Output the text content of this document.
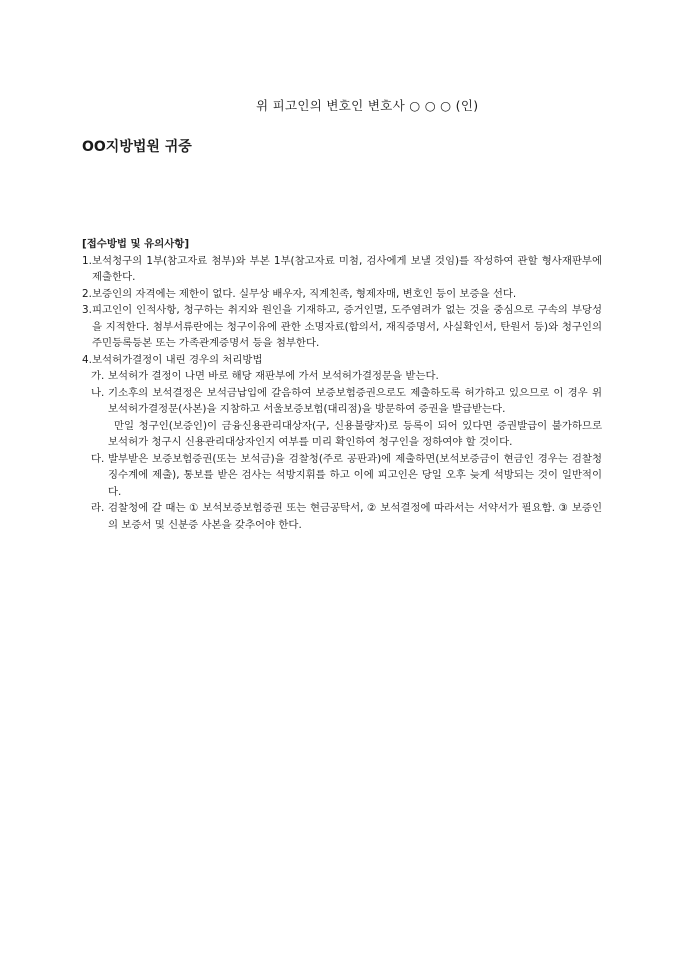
위 피고인의 변호인 변호사 ○ ○ ○ (인)
OO지방법원 귀중
[접수방법 및 유의사항]
1. 보석청구의 1부(참고자료 첨부)와 부본 1부(참고자료 미첨, 검사에게 보낼 것임)를 작성하여 관할 형사재판부에 제출한다.
2. 보증인의 자격에는 제한이 없다. 실무상 배우자, 직계친족, 형제자매, 변호인 등이 보증을 선다.
3. 피고인이 인적사항, 청구하는 취지와 원인을 기재하고, 증거인멸, 도주염려가 없는 것을 중심으로 구속의 부당성을 지적한다. 첨부서류란에는 청구이유에 관한 소명자료(합의서, 재직증명서, 사실확인서, 탄원서 등)와 청구인의 주민등록등본 또는 가족관계증명서 등을 첨부한다.
4. 보석허가결정이 내린 경우의 처리방법
가. 보석허가 결정이 나면 바로 해당 재판부에 가서 보석허가결정문을 받는다.
나. 기소후의 보석결정은 보석금납입에 갈음하여 보증보험증권으로도 제출하도록 허가하고 있으므로 이 경우 위 보석허가결정문(사본)을 지참하고 서울보증보험(대리점)을 방문하여 증권을 발급받는다.
만일 청구인(보증인)이 금융신용관리대상자(구, 신용불량자)로 등록이 되어 있다면 증권발급이 불가하므로 보석허가 청구시 신용관리대상자인지 여부를 미리 확인하여 청구인을 정하여야 할 것이다.
다. 발부받은 보증보험증권(또는 보석금)을 검찰청(주로 공판과)에 제출하면(보석보증금이 현금인 경우는 검찰청 징수계에 제출), 통보를 받은 검사는 석방지휘를 하고 이에 피고인은 당일 오후 늦게 석방되는 것이 일반적이다.
라. 검찰청에 갈 때는 ① 보석보증보험증권 또는 현금공탁서, ② 보석결정에 따라서는 서약서가 필요함. ③ 보증인의 보증서 및 신분증 사본을 갖추어야 한다.
